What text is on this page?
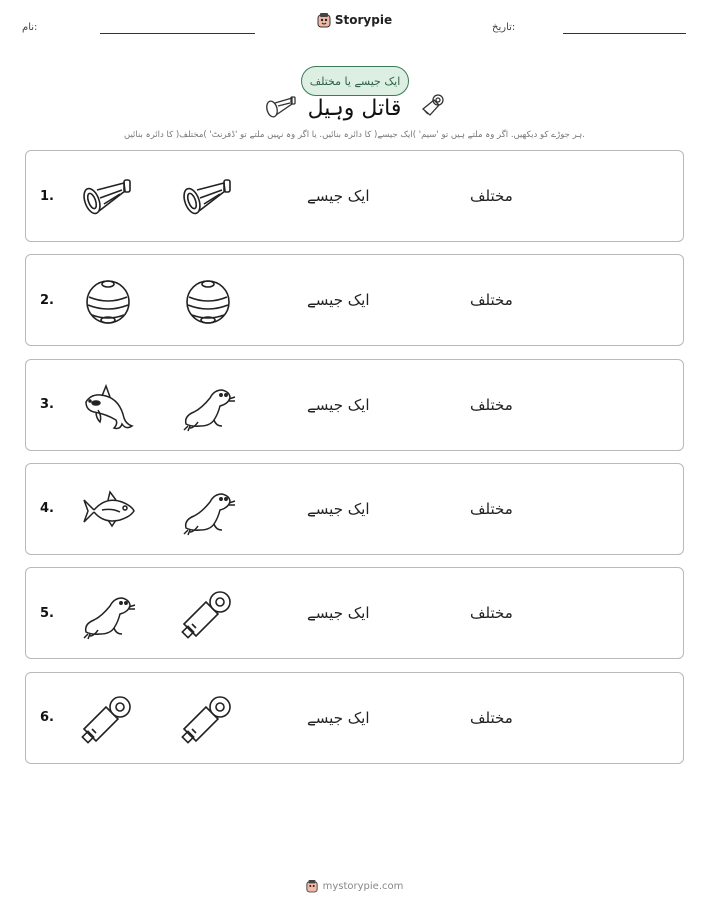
نام:
Storypie
تاریخ:
ایک جیسے یا مختلف
قاتل وہیل
ہر جوڑے کو دیکھیں. اگر وہ ملتے ہیں تو 'سیم' )ایک جیسے( کا دائرہ بنائیں. یا اگر وہ نہیں ملتے تو 'ڈفرنٹ' )مختلف( کا دائرہ بنائیں.
1.	ایک جیسے	مختلف
2.	ایک جیسے	مختلف
3.	ایک جیسے	مختلف
4.	ایک جیسے	مختلف
5.	ایک جیسے	مختلف
6.	ایک جیسے	مختلف
mystorypie.com
